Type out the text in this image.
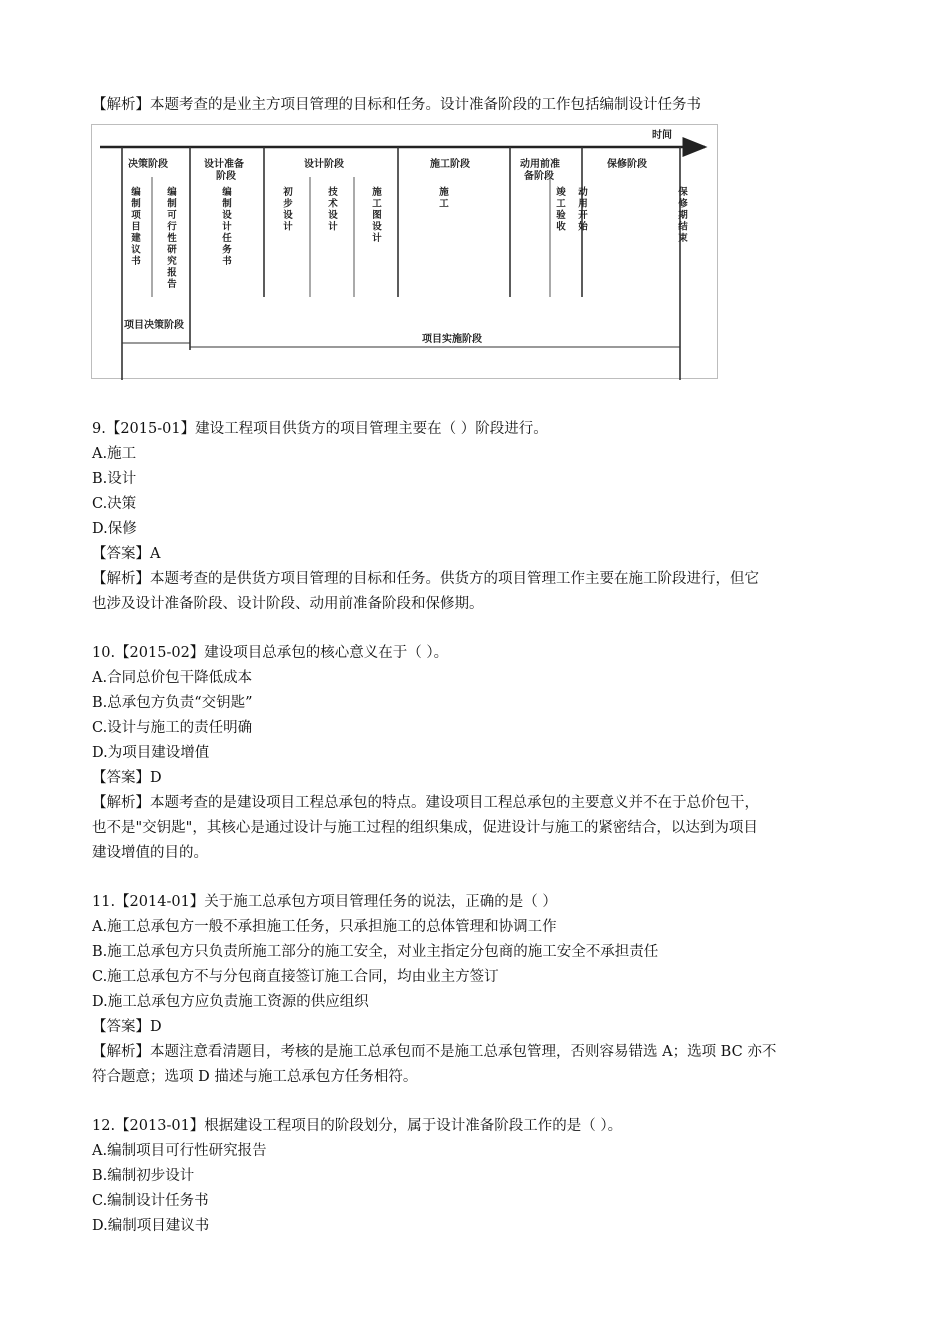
【解析】本题考查的是业主方项目管理的目标和任务。设计准备阶段的工作包括编制设计任务书
时间
决策阶段	设计准备阶段
设计阶段	施工阶段	动用前准备阶段
保修阶段
编
制
项
目
建
议
书
编
制
可
行
性
研
究
报
告
编
制
设
计
任
务
书
初
步
设
计
技
术
设
计
施
工
图
设
计
施
工
竣
工
验
收
动
用
开
始
保
修
期
结
束
项目决策阶段
项目实施阶段
9.【2015-01】建设工程项目供货方的项目管理主要在（ ）阶段进行。
A.施工
B.设计
C.决策
D.保修
【答案】A
【解析】本题考查的是供货方项目管理的目标和任务。供货方的项目管理工作主要在施工阶段进行，但它
也涉及设计准备阶段、设计阶段、动用前准备阶段和保修期。
10.【2015-02】建设项目总承包的核心意义在于（ ）。
A.合同总价包干降低成本
B.总承包方负责“交钥匙”
C.设计与施工的责任明确
D.为项目建设增值
【答案】D
【解析】本题考查的是建设项目工程总承包的特点。建设项目工程总承包的主要意义并不在于总价包干，
也不是"交钥匙"，其核心是通过设计与施工过程的组织集成，促进设计与施工的紧密结合，以达到为项目
建设增值的目的。
11.【2014-01】关于施工总承包方项目管理任务的说法，正确的是（ ）
A.施工总承包方一般不承担施工任务，只承担施工的总体管理和协调工作
B.施工总承包方只负责所施工部分的施工安全，对业主指定分包商的施工安全不承担责任
C.施工总承包方不与分包商直接签订施工合同，均由业主方签订
D.施工总承包方应负责施工资源的供应组织
【答案】D
【解析】本题注意看清题目，考核的是施工总承包而不是施工总承包管理，否则容易错选 A；选项 BC 亦不
符合题意；选项 D 描述与施工总承包方任务相符。
12.【2013-01】根据建设工程项目的阶段划分，属于设计准备阶段工作的是（ ）。
A.编制项目可行性研究报告
B.编制初步设计
C.编制设计任务书
D.编制项目建议书
